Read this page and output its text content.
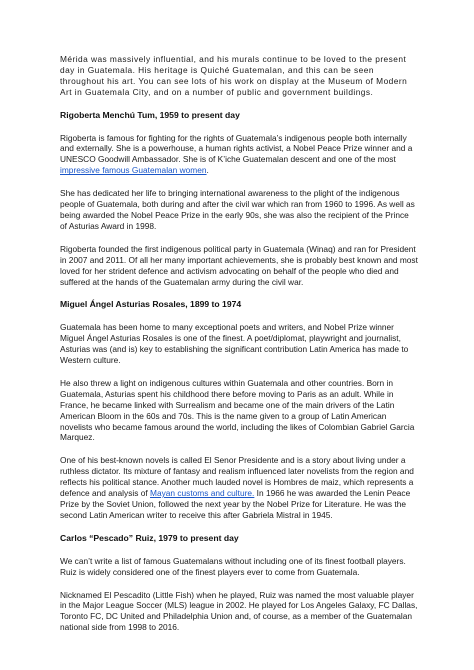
Mérida was massively influential, and his murals continue to be loved to the present day in Guatemala. His heritage is Quiché Guatemalan, and this can be seen throughout his art. You can see lots of his work on display at the Museum of Modern Art in Guatemala City, and on a number of public and government buildings.

Rigoberta Menchú Tum, 1959 to present day

Rigoberta is famous for fighting for the rights of Guatemala’s indigenous people both internally and externally. She is a powerhouse, a human rights activist, a Nobel Peace Prize winner and a UNESCO Goodwill Ambassador. She is of K’iche Guatemalan descent and one of the most impressive famous Guatemalan women.

She has dedicated her life to bringing international awareness to the plight of the indigenous people of Guatemala, both during and after the civil war which ran from 1960 to 1996. As well as being awarded the Nobel Peace Prize in the early 90s, she was also the recipient of the Prince of Asturias Award in 1998.

Rigoberta founded the first indigenous political party in Guatemala (Winaq) and ran for President in 2007 and 2011. Of all her many important achievements, she is probably best known and most loved for her strident defence and activism advocating on behalf of the people who died and suffered at the hands of the Guatemalan army during the civil war.

Miguel Ángel Asturias Rosales, 1899 to 1974

Guatemala has been home to many exceptional poets and writers, and Nobel Prize winner Miguel Ángel Asturias Rosales is one of the finest. A poet/diplomat, playwright and journalist, Asturias was (and is) key to establishing the significant contribution Latin America has made to Western culture.

He also threw a light on indigenous cultures within Guatemala and other countries. Born in Guatemala, Asturias spent his childhood there before moving to Paris as an adult. While in France, he became linked with Surrealism and became one of the main drivers of the Latin American Bloom in the 60s and 70s. This is the name given to a group of Latin American novelists who became famous around the world, including the likes of Colombian Gabriel Garcia Marquez.

One of his best-known novels is called El Senor Presidente and is a story about living under a ruthless dictator. Its mixture of fantasy and realism influenced later novelists from the region and reflects his political stance. Another much lauded novel is Hombres de maiz, which represents a defence and analysis of Mayan customs and culture. In 1966 he was awarded the Lenin Peace Prize by the Soviet Union, followed the next year by the Nobel Prize for Literature. He was the second Latin American writer to receive this after Gabriela Mistral in 1945.

Carlos “Pescado” Ruiz, 1979 to present day

We can’t write a list of famous Guatemalans without including one of its finest football players. Ruiz is widely considered one of the finest players ever to come from Guatemala.

Nicknamed El Pescadito (Little Fish) when he played, Ruiz was named the most valuable player in the Major League Soccer (MLS) league in 2002. He played for Los Angeles Galaxy, FC Dallas, Toronto FC, DC United and Philadelphia Union and, of course, as a member of the Guatemalan national side from 1998 to 2016.
